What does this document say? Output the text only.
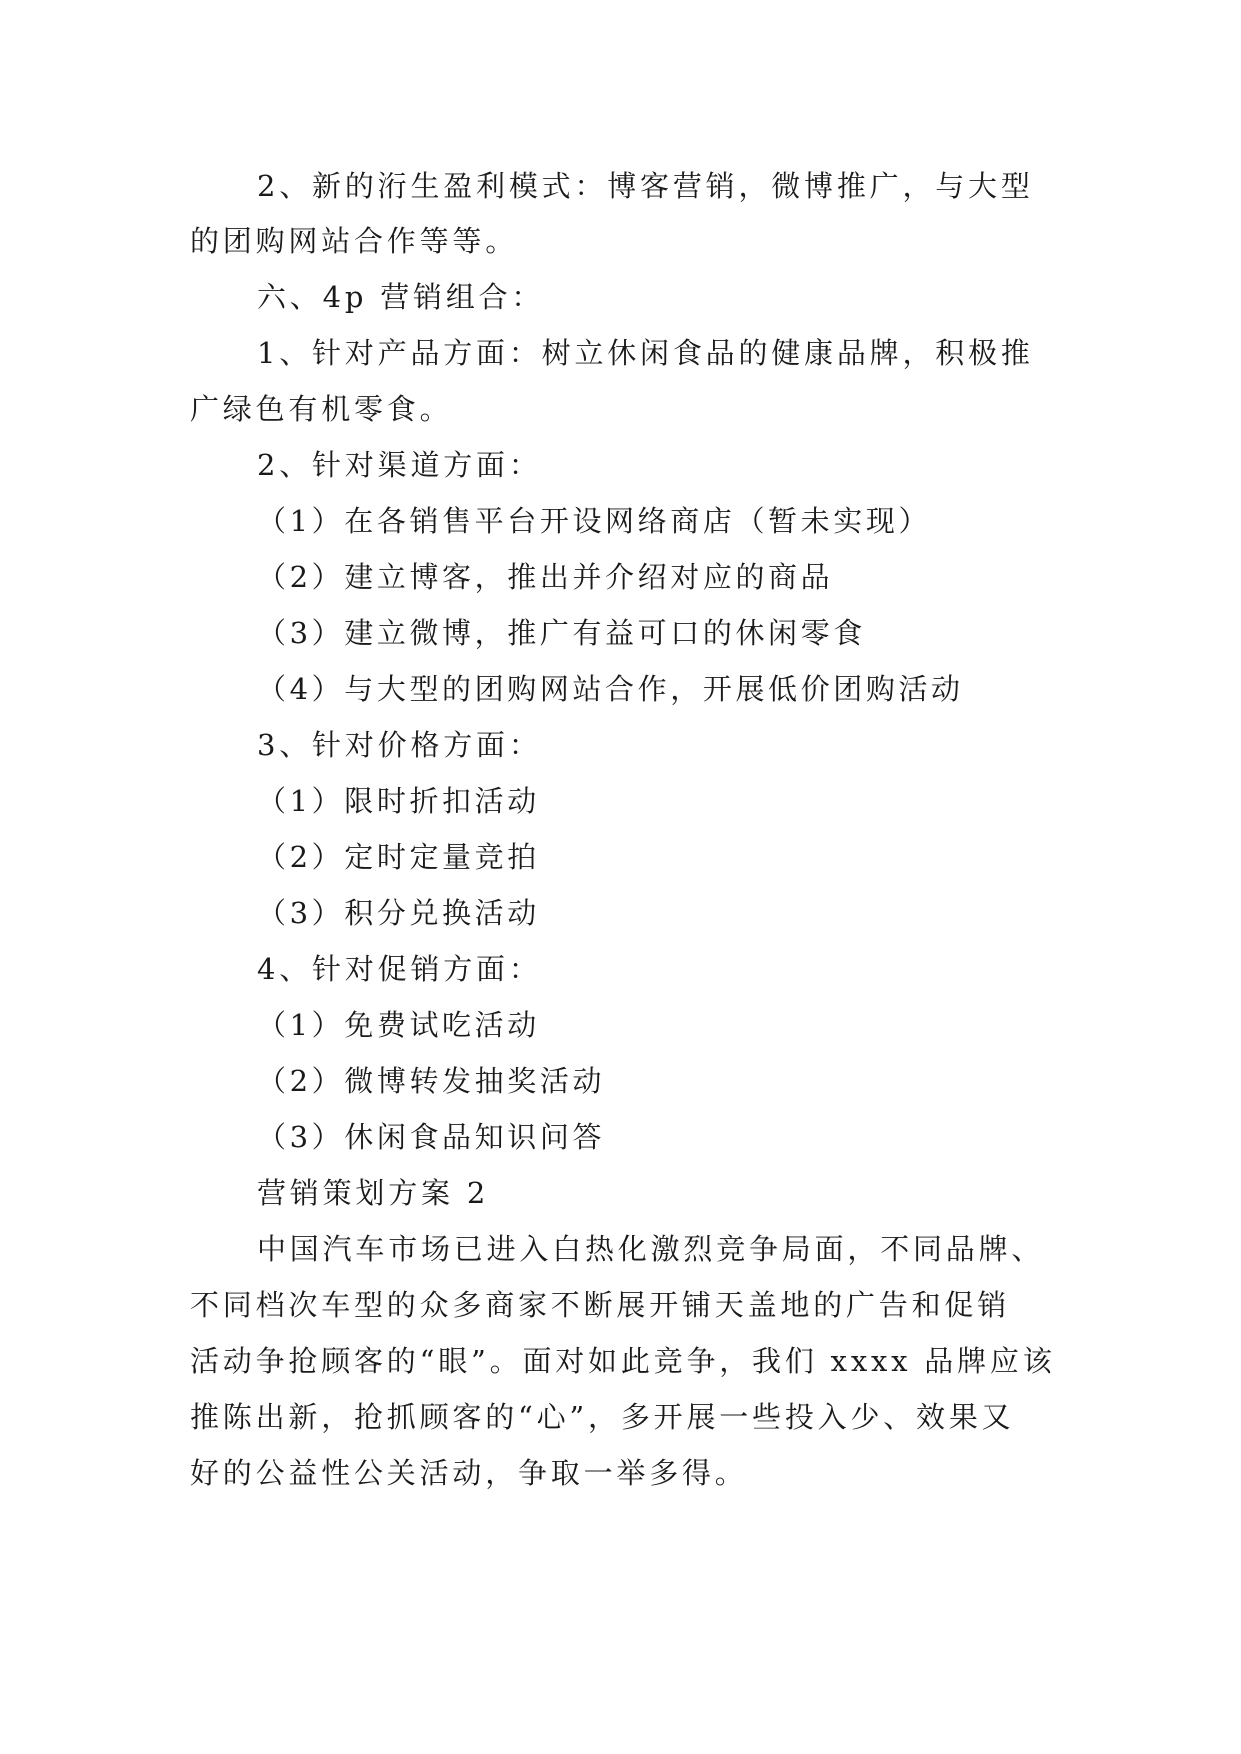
2、新的洐生盈利模式：博客营销，微博推广，与大型

的团购网站合作等等。

六、4p 营销组合：

1、针对产品方面：树立休闲食品的健康品牌，积极推

广绿色有机零食。

2、针对渠道方面：

（1）在各销售平台开设网络商店（暂未实现）

（2）建立博客，推出并介绍对应的商品

（3）建立微博，推广有益可口的休闲零食

（4）与大型的团购网站合作，开展低价团购活动

3、针对价格方面：

（1）限时折扣活动

（2）定时定量竞拍

（3）积分兑换活动

4、针对促销方面：

（1）免费试吃活动

（2）微博转发抽奖活动

（3）休闲食品知识问答

营销策划方案 2

中国汽车市场已进入白热化激烈竞争局面，不同品牌、

不同档次车型的众多商家不断展开铺天盖地的广告和促销

活动争抢顾客的“眼”。面对如此竞争，我们 xxxx 品牌应该

推陈出新，抢抓顾客的“心”，多开展一些投入少、效果又

好的公益性公关活动，争取一举多得。
